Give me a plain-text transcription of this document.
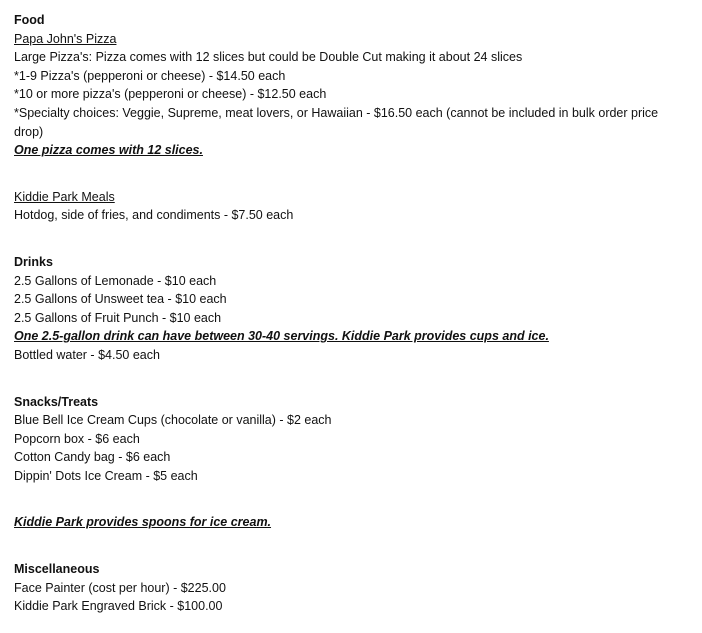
Food

Papa John's Pizza

Large Pizza's: Pizza comes with 12 slices but could be Double Cut making it about 24 slices

*1-9 Pizza's (pepperoni or cheese) - $14.50 each

*10 or more pizza's (pepperoni or cheese) - $12.50 each

*Specialty choices: Veggie, Supreme, meat lovers, or Hawaiian - $16.50 each (cannot be included in bulk order price drop)

One pizza comes with 12 slices.

Kiddie Park Meals

Hotdog, side of fries, and condiments - $7.50 each

Drinks

2.5 Gallons of Lemonade - $10 each

2.5 Gallons of Unsweet tea - $10 each

2.5 Gallons of Fruit Punch - $10 each

One 2.5-gallon drink can have between 30-40 servings. Kiddie Park provides cups and ice.

Bottled water - $4.50 each

Snacks/Treats

Blue Bell Ice Cream Cups (chocolate or vanilla) - $2 each

Popcorn box - $6 each

Cotton Candy bag - $6 each

Dippin' Dots Ice Cream - $5 each

Kiddie Park provides spoons for ice cream.

Miscellaneous

Face Painter (cost per hour) - $225.00

Kiddie Park Engraved Brick - $100.00
